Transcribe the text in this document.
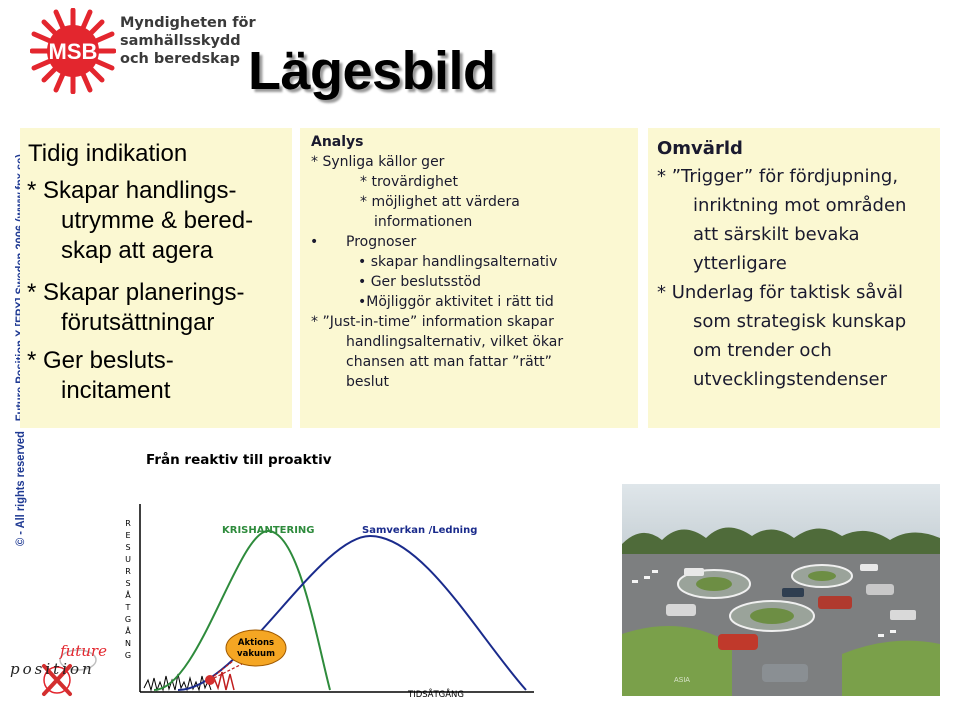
MSB
Myndigheten för
samhällsskydd
och beredskap Lägesbild
Tidig indikation
* Skapar handlings-
utrymme & bered-
skap att agera
* Skapar planerings-
förutsättningar
* Ger besluts-
incitament
Analys
* Synliga källor ger
* trovärdighet
* möjlighet att värdera
informationen
• Prognoser
• skapar handlingsalternativ
• Ger beslutsstöd
•Möjliggör aktivitet i rätt tid
* ”Just-in-time” information skapar
handlingsalternativ, vilket ökar
chansen att man fattar ”rätt”
beslut
Omvärld
* ”Trigger” för fördjupning,
inriktning mot områden
att särskilt bevaka
ytterligare
* Underlag för taktisk såväl
som strategisk kunskap
om trender och
utvecklingstendenser
Från reaktiv till proaktiv
Aktions
vakuum
KRISHANTERING	Samverkan /Ledning
TIDSÅTGÅNG
R
E
S
U
R
S
Å
T
G
Å
N
G
ASIA
future
position
